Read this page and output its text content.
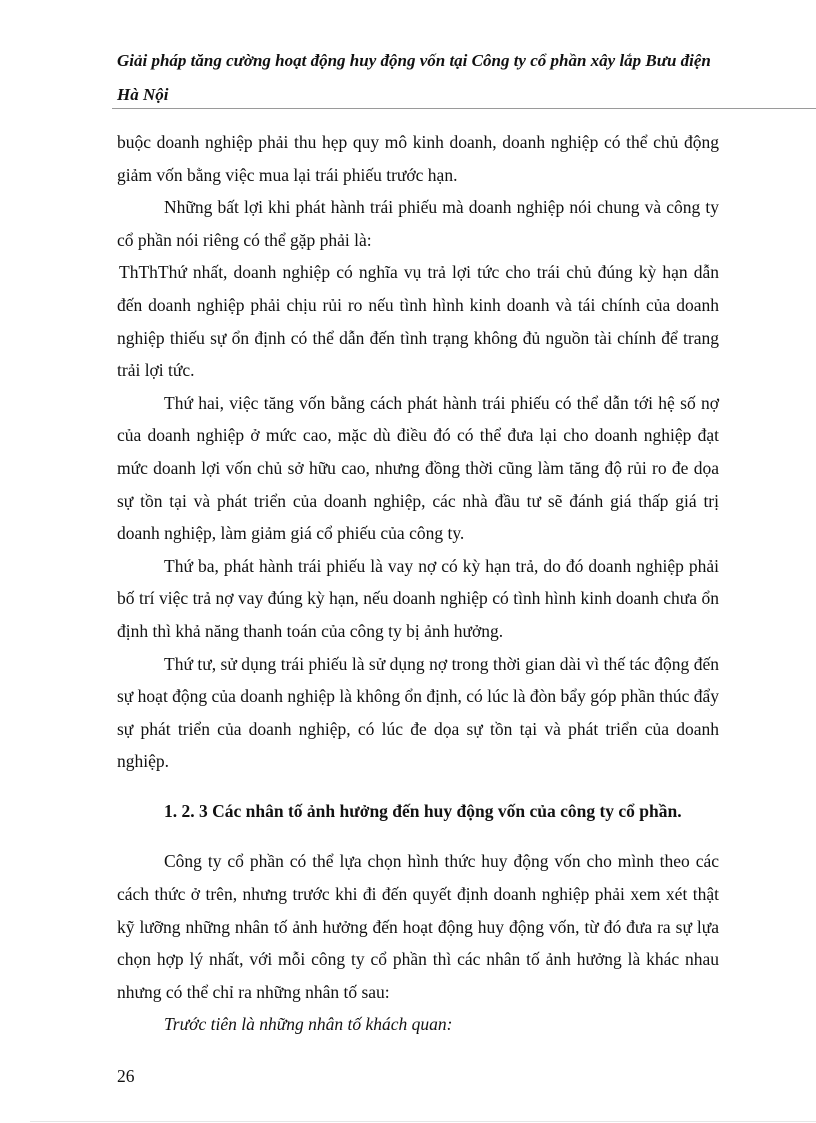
Giải pháp tăng cường hoạt động huy động vốn tại Công ty cổ phần xây lắp Bưu điện Hà Nội

buộc doanh nghiệp phải thu hẹp quy mô kinh doanh, doanh nghiệp có thể chủ động giảm vốn bằng việc mua lại trái phiếu trước hạn.

Những bất lợi khi phát hành trái phiếu mà doanh nghiệp nói chung và công ty cổ phần nói riêng có thể gặp phải là:

ThThThứ nhất, doanh nghiệp có nghĩa vụ trả lợi tức cho trái chủ đúng kỳ hạn dẫn đến doanh nghiệp phải chịu rủi ro nếu tình hình kinh doanh và tái chính của doanh nghiệp thiếu sự ổn định có thể dẫn đến tình trạng không đủ nguồn tài chính để trang trải lợi tức.

Thứ hai, việc tăng vốn bằng cách phát hành trái phiếu có thể dẫn tới hệ số nợ của doanh nghiệp ở mức cao, mặc dù điều đó có thể đưa lại cho doanh nghiệp đạt mức doanh lợi vốn chủ sở hữu cao, nhưng đồng thời cũng làm tăng độ rủi ro đe dọa sự tồn tại và phát triển của doanh nghiệp, các nhà đầu tư sẽ đánh giá thấp giá trị doanh nghiệp, làm giảm giá cổ phiếu của công ty.

Thứ ba, phát hành trái phiếu là vay nợ có kỳ hạn trả, do đó doanh nghiệp phải bố trí việc trả nợ vay đúng kỳ hạn, nếu doanh nghiệp có tình hình kinh doanh chưa ổn định thì khả năng thanh toán của công ty bị ảnh hưởng.

Thứ tư, sử dụng trái phiếu là sử dụng nợ trong thời gian dài vì thế tác động đến sự hoạt động của doanh nghiệp là không ổn định, có lúc là đòn bẩy góp phần thúc đẩy sự phát triển của doanh nghiệp, có lúc đe dọa sự tồn tại và phát triển của doanh nghiệp.

1. 2. 3 Các nhân tố ảnh hưởng đến huy động vốn của công ty cổ phần.

Công ty cổ phần có thể lựa chọn hình thức huy động vốn cho mình theo các cách thức ở trên, nhưng trước khi đi đến quyết định doanh nghiệp phải xem xét thật kỹ lưỡng những nhân tố ảnh hưởng đến hoạt động huy động vốn, từ đó đưa ra sự lựa chọn hợp lý nhất, với mỗi công ty cổ phần thì các nhân tố ảnh hưởng là khác nhau nhưng có thể chỉ ra những nhân tố sau:

Trước tiên là những nhân tố khách quan:

26
